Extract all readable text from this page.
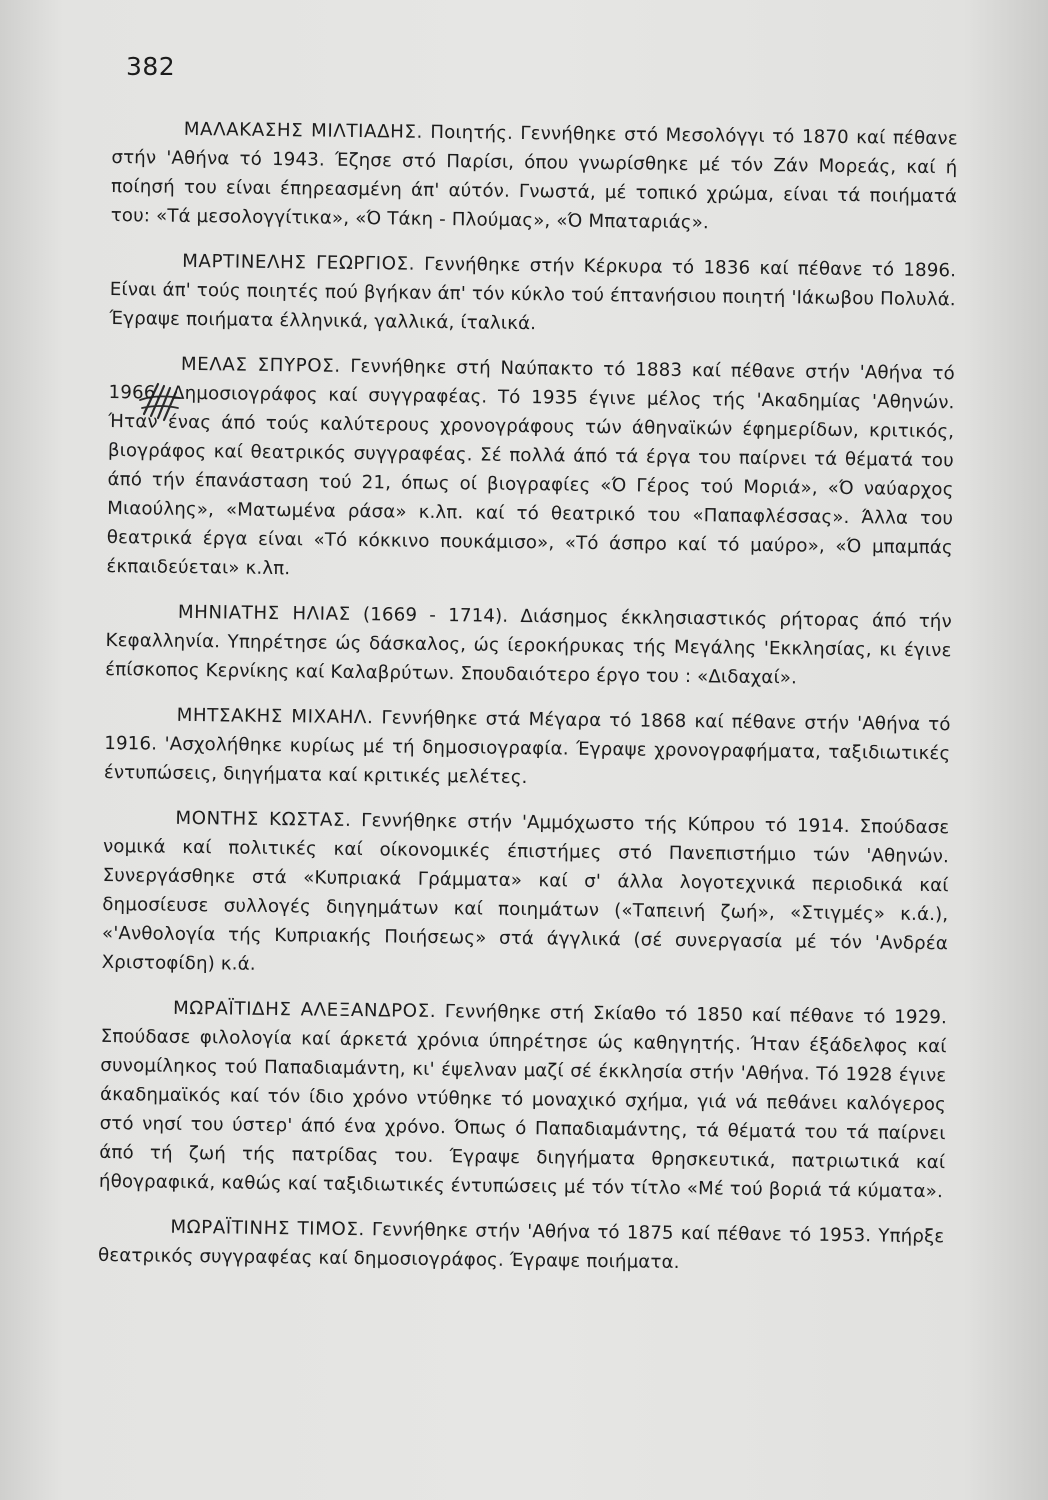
382

ΜΑΛΑΚΑΣΗΣ ΜΙΛΤΙΑΔΗΣ. Ποιητής. Γεννήθηκε στό Μεσολόγγι τό 1870 καί πέθανε στήν 'Αθήνα τό 1943. Έζησε στό Παρίσι, όπου γνωρίσθηκε μέ τόν Ζάν Μορεάς, καί ή ποίησή του είναι έπηρεασμένη άπ' αύτόν. Γνωστά, μέ τοπικό χρώμα, είναι τά ποιήματά του: «Τά μεσολογγίτικα», «Ό Τάκη - Πλούμας», «Ό Μπαταριάς».

ΜΑΡΤΙΝΕΛΗΣ ΓΕΩΡΓΙΟΣ. Γεννήθηκε στήν Κέρκυρα τό 1836 καί πέθανε τό 1896. Είναι άπ' τούς ποιητές πού βγήκαν άπ' τόν κύκλο τού έπτανήσιου ποιητή 'Ιάκωβου Πολυλά. Έγραψε ποιήματα έλληνικά, γαλλικά, ίταλικά.

ΜΕΛΑΣ ΣΠΥΡΟΣ. Γεννήθηκε στή Ναύπακτο τό 1883 καί πέθανε στήν 'Αθήνα τό 1966. Δημοσιογράφος καί συγγραφέας. Τό 1935 έγινε μέλος τής 'Ακαδημίας 'Αθηνών. Ήταν ένας άπό τούς καλύτερους χρονογράφους τών άθηναϊκών έφημερίδων, κριτικός, βιογράφος καί θεατρικός συγγραφέας. Σέ πολλά άπό τά έργα του παίρνει τά θέματά του άπό τήν έπανάσταση τού 21, όπως οί βιογραφίες «Ό Γέρος τού Μοριά», «Ό ναύαρχος Μιαούλης», «Ματωμένα ράσα» κ.λπ. καί τό θεατρικό του «Παπαφλέσσας». Άλλα του θεατρικά έργα είναι «Τό κόκκινο πουκάμισο», «Τό άσπρο καί τό μαύρο», «Ό μπαμπάς έκπαιδεύεται» κ.λπ.

ΜΗΝΙΑΤΗΣ ΗΛΙΑΣ (1669 - 1714). Διάσημος έκκλησιαστικός ρήτορας άπό τήν Κεφαλληνία. Υπηρέτησε ώς δάσκαλος, ώς ίεροκήρυκας τής Μεγάλης 'Εκκλησίας, κι έγινε έπίσκοπος Κερνίκης καί Καλαβρύτων. Σπουδαιότερο έργο του : «Διδαχαί».

ΜΗΤΣΑΚΗΣ ΜΙΧΑΗΛ. Γεννήθηκε στά Μέγαρα τό 1868 καί πέθανε στήν 'Αθήνα τό 1916. 'Ασχολήθηκε κυρίως μέ τή δημοσιογραφία. Έγραψε χρονογραφήματα, ταξιδιωτικές έντυπώσεις, διηγήματα καί κριτικές μελέτες.

ΜΟΝΤΗΣ ΚΩΣΤΑΣ. Γεννήθηκε στήν 'Αμμόχωστο τής Κύπρου τό 1914. Σπούδασε νομικά καί πολιτικές καί οίκονομικές έπιστήμες στό Πανεπιστήμιο τών 'Αθηνών. Συνεργάσθηκε στά «Κυπριακά Γράμματα» καί σ' άλλα λογοτεχνικά περιοδικά καί δημοσίευσε συλλογές διηγημάτων καί ποιημάτων («Ταπεινή ζωή», «Στιγμές» κ.ά.), «'Ανθολογία τής Κυπριακής Ποιήσεως» στά άγγλικά (σέ συνεργασία μέ τόν 'Ανδρέα Χριστοφίδη) κ.ά.

ΜΩΡΑΪΤΙΔΗΣ ΑΛΕΞΑΝΔΡΟΣ. Γεννήθηκε στή Σκίαθο τό 1850 καί πέθανε τό 1929. Σπούδασε φιλολογία καί άρκετά χρόνια ύπηρέτησε ώς καθηγητής. Ήταν έξάδελφος καί συνομίληκος τού Παπαδιαμάντη, κι' έψελναν μαζί σέ έκκλησία στήν 'Αθήνα. Τό 1928 έγινε άκαδημαϊκός καί τόν ίδιο χρόνο ντύθηκε τό μοναχικό σχήμα, γιά νά πεθάνει καλόγερος στό νησί του ύστερ' άπό ένα χρόνο. Όπως ό Παπαδιαμάντης, τά θέματά του τά παίρνει άπό τή ζωή τής πατρίδας του. Έγραψε διηγήματα θρησκευτικά, πατριωτικά καί ήθογραφικά, καθώς καί ταξιδιωτικές έντυπώσεις μέ τόν τίτλο «Μέ τού βοριά τά κύματα».

ΜΩΡΑΪΤΙΝΗΣ ΤΙΜΟΣ. Γεννήθηκε στήν 'Αθήνα τό 1875 καί πέθανε τό 1953. Υπήρξε θεατρικός συγγραφέας καί δημοσιογράφος. Έγραψε ποιήματα.
